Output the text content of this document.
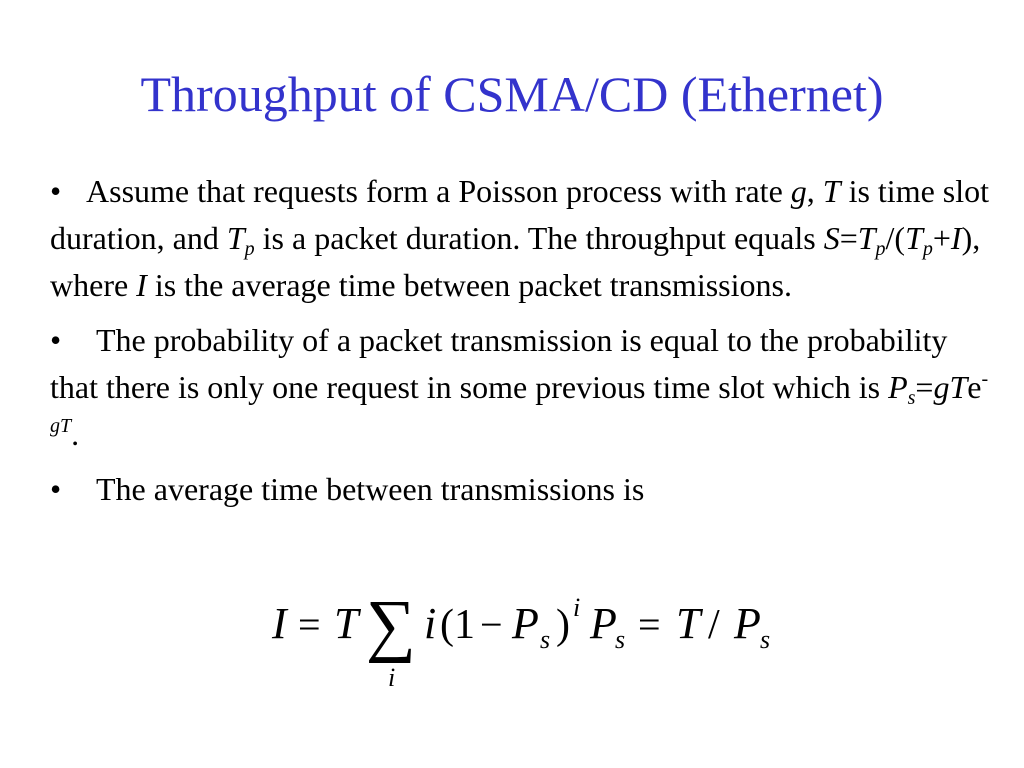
Throughput of CSMA/CD (Ethernet)

• Assume that requests form a Poisson process with rate g, T is time slot duration, and $T_p$ is a packet duration. The throughput equals $S=T_p/(T_p+I)$, where I is the average time between packet transmissions.

• The probability of a packet transmission is equal to the probability that there is only one request in some previous time slot which is $P_s=gTe^{-gT}$.

• The average time between transmissions is

I = T ∑
i
i (1 − P s ) i P
s = T / P s
